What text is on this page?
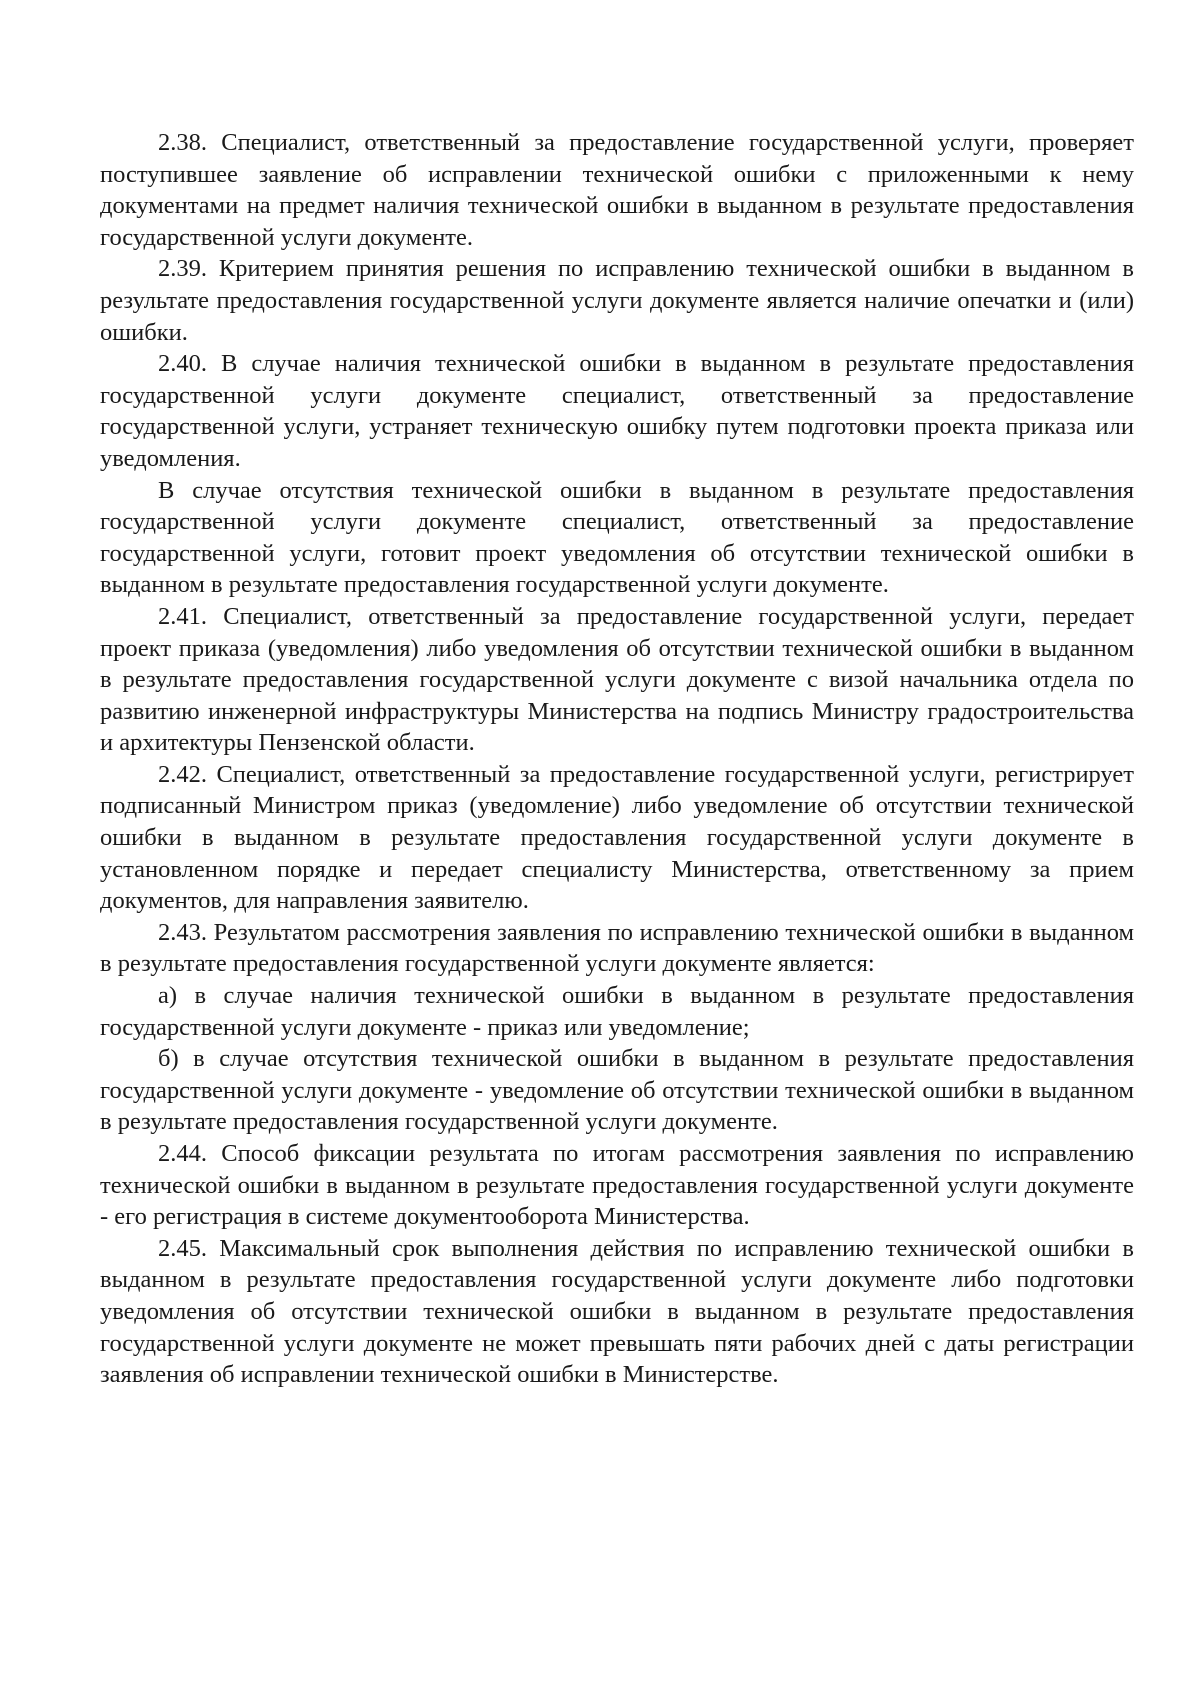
2.38. Специалист, ответственный за предоставление государственной услуги, проверяет поступившее заявление об исправлении технической ошибки с приложенными к нему документами на предмет наличия технической ошибки в выданном в результате предоставления государственной услуги документе.

2.39. Критерием принятия решения по исправлению технической ошибки в выданном в результате предоставления государственной услуги документе является наличие опечатки и (или) ошибки.

2.40. В случае наличия технической ошибки в выданном в результате предоставления государственной услуги документе специалист, ответственный за предоставление государственной услуги, устраняет техническую ошибку путем подготовки проекта приказа или уведомления.

В случае отсутствия технической ошибки в выданном в результате предоставления государственной услуги документе специалист, ответственный за предоставление государственной услуги, готовит проект уведомления об отсутствии технической ошибки в выданном в результате предоставления государственной услуги документе.

2.41. Специалист, ответственный за предоставление государственной услуги, передает проект приказа (уведомления) либо уведомления об отсутствии технической ошибки в выданном в результате предоставления государственной услуги документе с визой начальника отдела по развитию инженерной инфраструктуры Министерства на подпись Министру градостроительства и архитектуры Пензенской области.

2.42. Специалист, ответственный за предоставление государственной услуги, регистрирует подписанный Министром приказ (уведомление) либо уведомление об отсутствии технической ошибки в выданном в результате предоставления государственной услуги документе в установленном порядке и передает специалисту Министерства, ответственному за прием документов, для направления заявителю.

2.43. Результатом рассмотрения заявления по исправлению технической ошибки в выданном в результате предоставления государственной услуги документе является:

а) в случае наличия технической ошибки в выданном в результате предоставления государственной услуги документе - приказ или уведомление;

б) в случае отсутствия технической ошибки в выданном в результате предоставления государственной услуги документе - уведомление об отсутствии технической ошибки в выданном в результате предоставления государственной услуги документе.

2.44. Способ фиксации результата по итогам рассмотрения заявления по исправлению технической ошибки в выданном в результате предоставления государственной услуги документе - его регистрация в системе документооборота Министерства.

2.45. Максимальный срок выполнения действия по исправлению технической ошибки в выданном в результате предоставления государственной услуги документе либо подготовки уведомления об отсутствии технической ошибки в выданном в результате предоставления государственной услуги документе не может превышать пяти рабочих дней с даты регистрации заявления об исправлении технической ошибки в Министерстве.
